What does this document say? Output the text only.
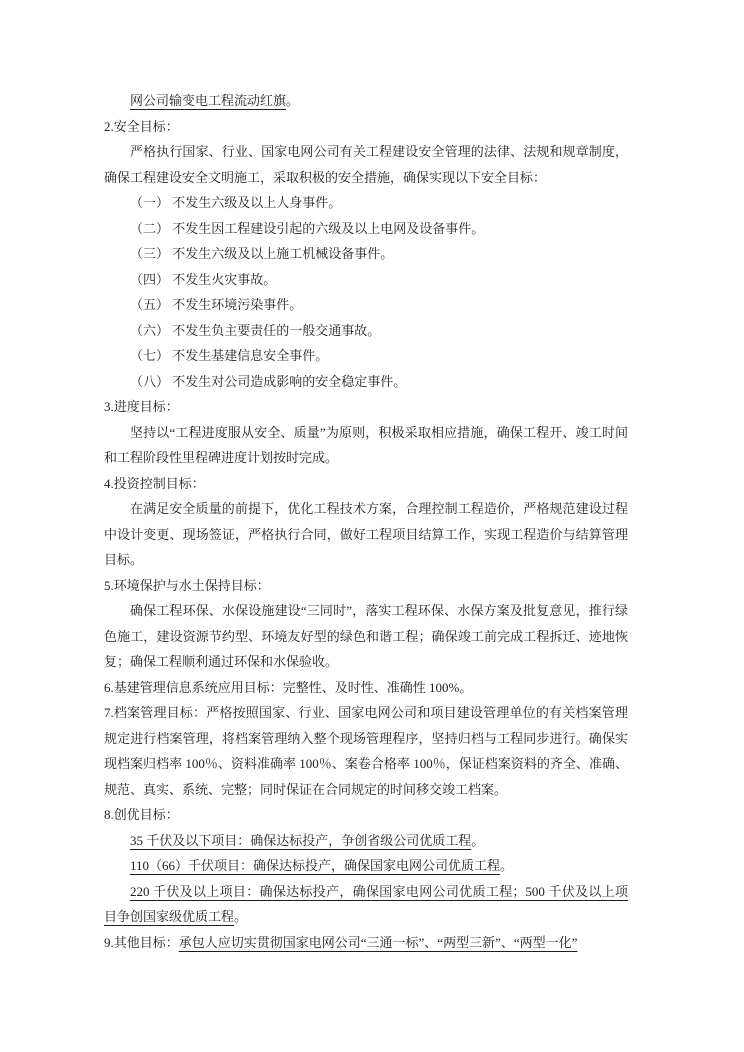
网公司输变电工程流动红旗。

2.安全目标：

严格执行国家、行业、国家电网公司有关工程建设安全管理的法律、法规和规章制度，确保工程建设安全文明施工，采取积极的安全措施，确保实现以下安全目标：

（一） 不发生六级及以上人身事件。

（二） 不发生因工程建设引起的六级及以上电网及设备事件。

（三） 不发生六级及以上施工机械设备事件。

（四） 不发生火灾事故。

（五） 不发生环境污染事件。

（六） 不发生负主要责任的一般交通事故。

（七） 不发生基建信息安全事件。

（八） 不发生对公司造成影响的安全稳定事件。

3.进度目标：

坚持以“工程进度服从安全、质量”为原则，积极采取相应措施，确保工程开、竣工时间和工程阶段性里程碑进度计划按时完成。

4.投资控制目标：

在满足安全质量的前提下，优化工程技术方案，合理控制工程造价，严格规范建设过程中设计变更、现场签证，严格执行合同，做好工程项目结算工作，实现工程造价与结算管理目标。

5.环境保护与水土保持目标：

确保工程环保、水保设施建设“三同时”，落实工程环保、水保方案及批复意见，推行绿色施工，建设资源节约型、环境友好型的绿色和谐工程；确保竣工前完成工程拆迁、迹地恢复；确保工程顺利通过环保和水保验收。

6.基建管理信息系统应用目标：完整性、及时性、准确性 100%。

7.档案管理目标：严格按照国家、行业、国家电网公司和项目建设管理单位的有关档案管理规定进行档案管理，将档案管理纳入整个现场管理程序，坚持归档与工程同步进行。确保实现档案归档率 100％、资料准确率 100％、案卷合格率 100％，保证档案资料的齐全、准确、规范、真实、系统、完整；同时保证在合同规定的时间移交竣工档案。

8.创优目标：

35 千伏及以下项目：确保达标投产，争创省级公司优质工程。

110（66）千伏项目：确保达标投产，确保国家电网公司优质工程。

220 千伏及以上项目：确保达标投产，确保国家电网公司优质工程；500 千伏及以上项目争创国家级优质工程。

9.其他目标：承包人应切实贯彻国家电网公司“三通一标”、“两型三新”、“两型一化”
